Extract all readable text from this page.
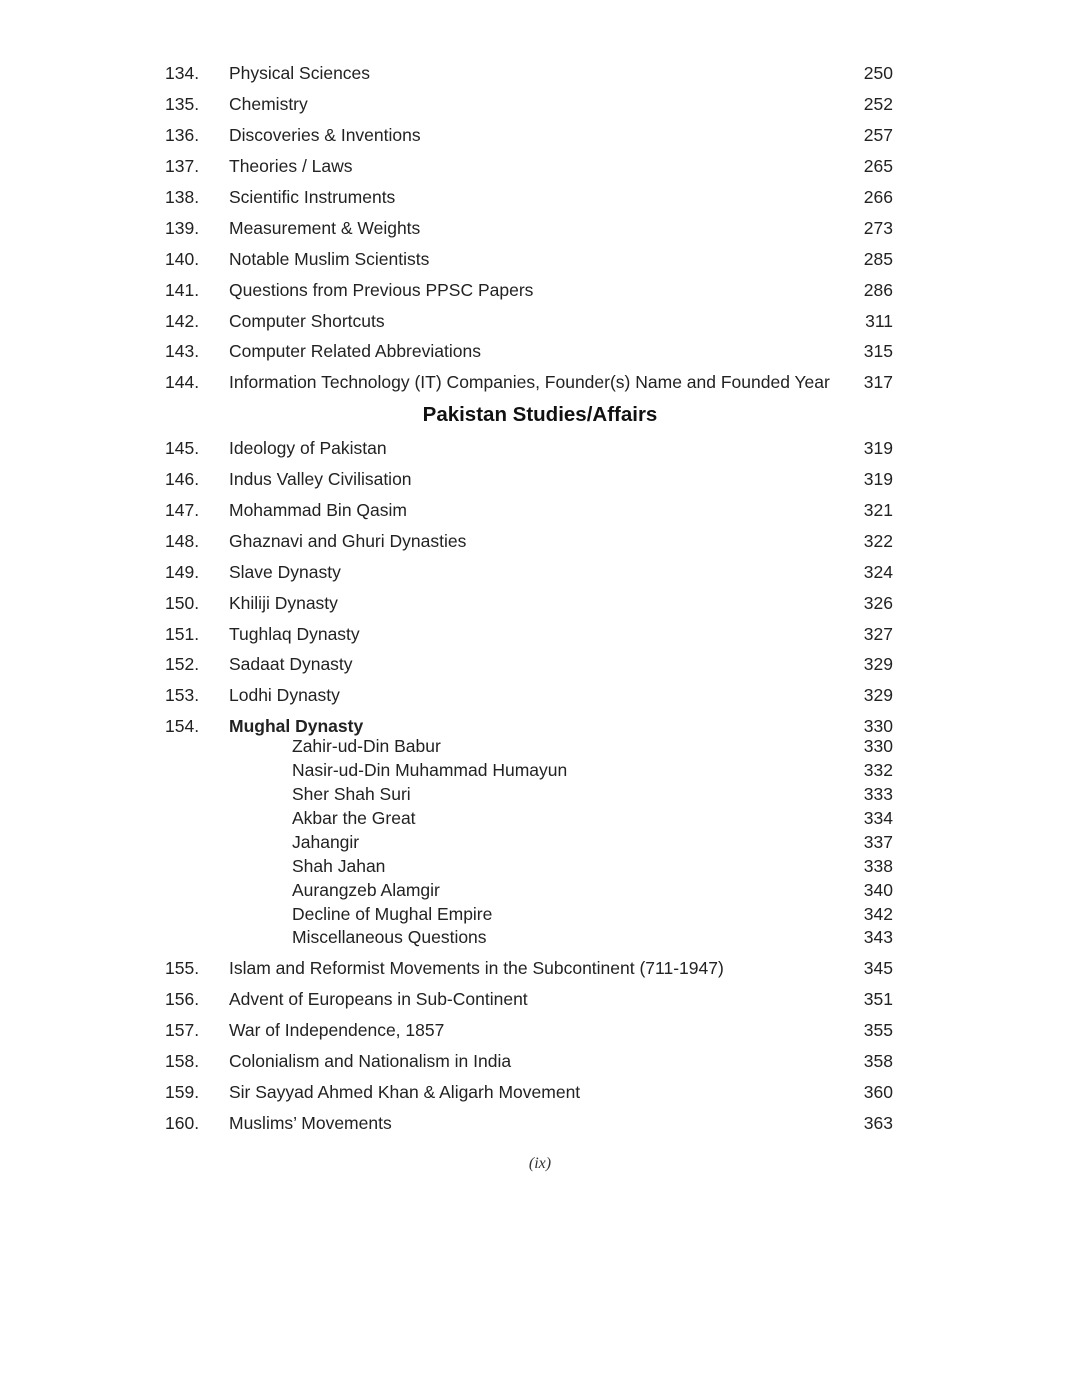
134. Physical Sciences	250
135. Chemistry	252
136. Discoveries & Inventions	257
137. Theories / Laws	265
138. Scientific Instruments	266
139. Measurement & Weights	273
140. Notable Muslim Scientists	285
141. Questions from Previous PPSC Papers	286
142. Computer Shortcuts	311
143. Computer Related Abbreviations	315
144. Information Technology (IT) Companies, Founder(s) Name and Founded Year 317
Pakistan Studies/Affairs
145. Ideology of Pakistan	319
146. Indus Valley Civilisation	319
147. Mohammad Bin Qasim	321
148. Ghaznavi and Ghuri Dynasties	322
149. Slave Dynasty	324
150. Khiliji Dynasty	326
151. Tughlaq Dynasty	327
152. Sadaat Dynasty	329
153. Lodhi Dynasty	329
154. Mughal Dynasty	330
Zahir-ud-Din Babur	330
Nasir-ud-Din Muhammad Humayun	332
Sher Shah Suri	333
Akbar the Great	334
Jahangir	337
Shah Jahan	338
Aurangzeb Alamgir	340
Decline of Mughal Empire	342
Miscellaneous Questions	343
155. Islam and Reformist Movements in the Subcontinent (711-1947)	345
156. Advent of Europeans in Sub-Continent	351
157. War of Independence, 1857	355
158. Colonialism and Nationalism in India	358
159. Sir Sayyad Ahmed Khan & Aligarh Movement	360
160. Muslims’ Movements	363
(ix)
